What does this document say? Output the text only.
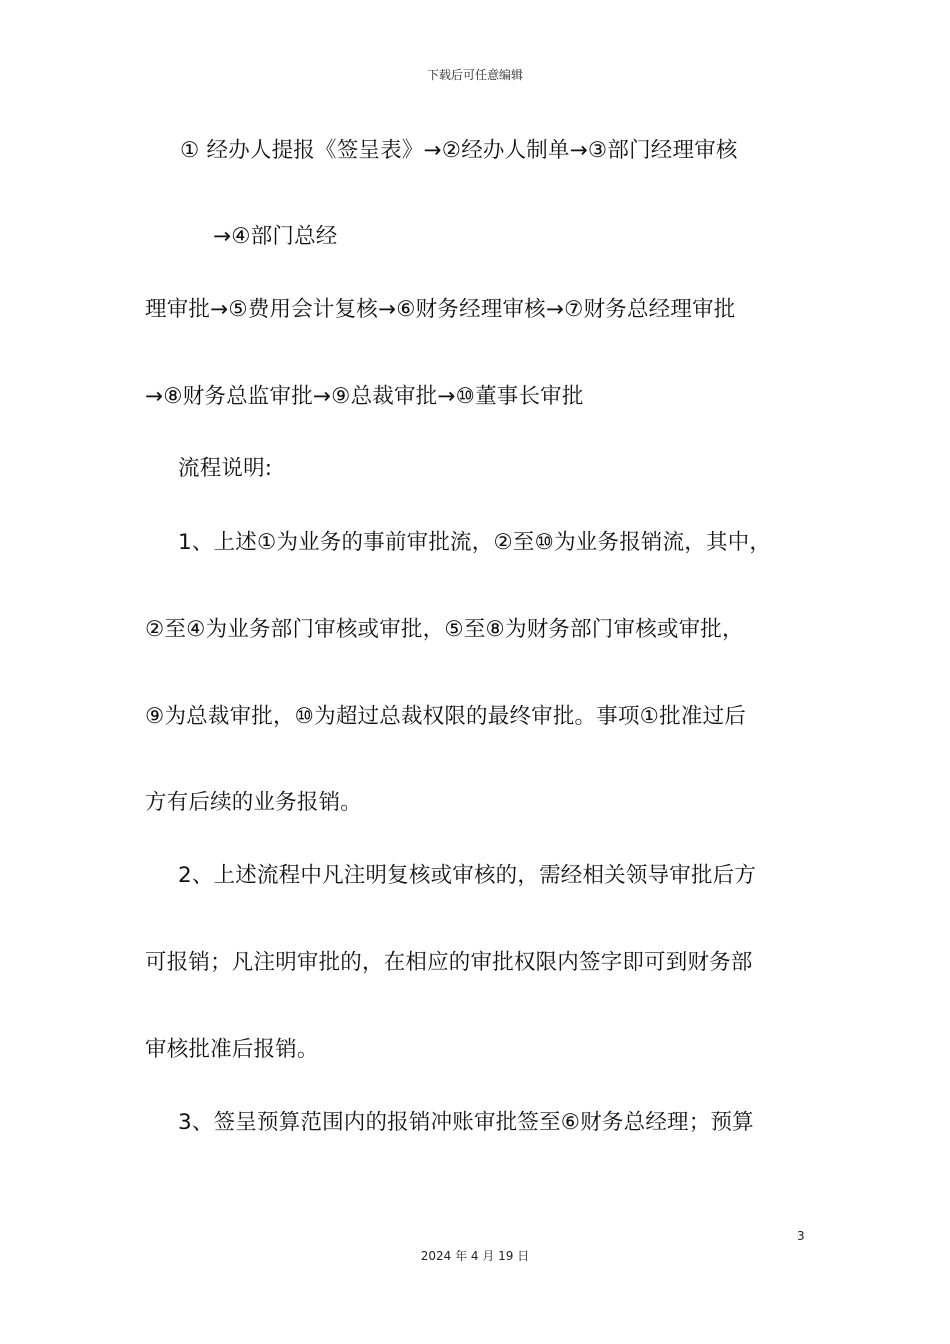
下载后可任意编辑
① 经办人提报《签呈表》→②经办人制单→③部门经理审核
→④部门总经
理审批→⑤费用会计复核→⑥财务经理审核→⑦财务总经理审批
→⑧财务总监审批→⑨总裁审批→⑩董事长审批
流程说明:
1、上述①为业务的事前审批流，②至⑩为业务报销流，其中，
②至④为业务部门审核或审批，⑤至⑧为财务部门审核或审批，
⑨为总裁审批，⑩为超过总裁权限的最终审批。事项①批准过后
方有后续的业务报销。
2、上述流程中凡注明复核或审核的，需经相关领导审批后方
可报销；凡注明审批的，在相应的审批权限内签字即可到财务部
审核批准后报销。
3、签呈预算范围内的报销冲账审批签至⑥财务总经理；预算
3
2024 年 4 月 19 日
